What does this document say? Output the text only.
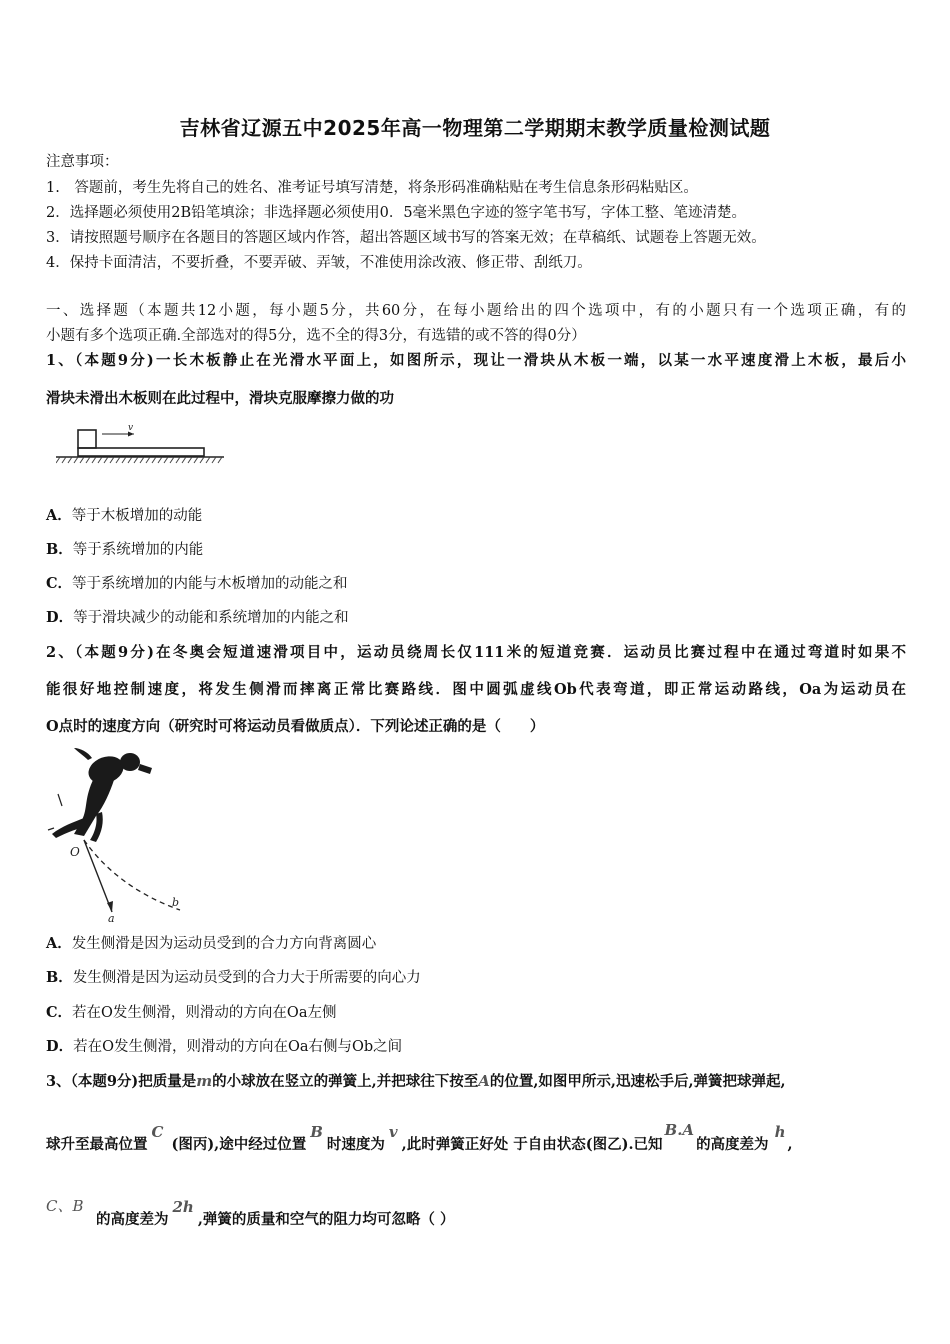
吉林省辽源五中2025年高一物理第二学期期末教学质量检测试题
注意事项：
1.　答题前，考生先将自己的姓名、准考证号填写清楚，将条形码准确粘贴在考生信息条形码粘贴区。
2．选择题必须使用2B铅笔填涂；非选择题必须使用0．5毫米黑色字迹的签字笔书写，字体工整、笔迹清楚。
3．请按照题号顺序在各题目的答题区域内作答，超出答题区域书写的答案无效；在草稿纸、试题卷上答题无效。
4．保持卡面清洁，不要折叠，不要弄破、弄皱，不准使用涂改液、修正带、刮纸刀。
一、选择题（本题共12小题，每小题5分，共60分，在每小题给出的四个选项中，有的小题只有一个选项正确，有的
小题有多个选项正确.全部选对的得5分，选不全的得3分，有选错的或不答的得0分）
1、（本题9分)一长木板静止在光滑水平面上，如图所示，现让一滑块从木板一端，以某一水平速度滑上木板，最后小
滑块未滑出木板则在此过程中，滑块克服摩擦力做的功
v
A．等于木板增加的动能
B．等于系统增加的内能
C．等于系统增加的内能与木板增加的动能之和
D．等于滑块减少的动能和系统增加的内能之和
2、（本题9分)在冬奥会短道速滑项目中，运动员绕周长仅111米的短道竞赛．运动员比赛过程中在通过弯道时如果不
能很好地控制速度，将发生侧滑而摔离正常比赛路线．图中圆弧虚线Ob代表弯道，即正常运动路线，Oa为运动员在
O点时的速度方向（研究时可将运动员看做质点）．下列论述正确的是（　　）
O
a
b
A．发生侧滑是因为运动员受到的合力方向背离圆心
B．发生侧滑是因为运动员受到的合力大于所需要的向心力
C．若在O发生侧滑，则滑动的方向在Oa左侧
D．若在O发生侧滑，则滑动的方向在Oa右侧与Ob之间
3、（本题9分)把质量是m的小球放在竖立的弹簧上,并把球往下按至A的位置,如图甲所示,迅速松手后,弹簧把球弹起,
球升至最高位置C(图丙),途中经过位置B时速度为v,此时弹簧正好处 于自由状态(图乙).已知B.A的高度差为h,
C、B
的高度差为2h,弹簧的质量和空气的阻力均可忽略（ ）
